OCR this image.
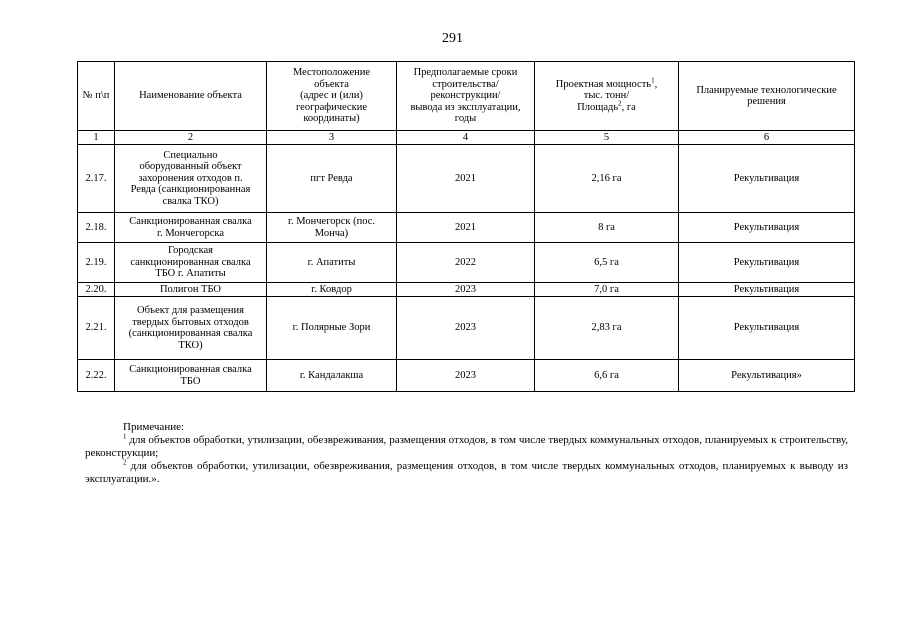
291
№ п\п	Наименование объекта	Местоположение
объекта
(адрес и (или)
географические
координаты)	Предполагаемые сроки
строительства/
реконструкции/
вывода из эксплуатации,
годы	Проектная мощность$^1$,
тыс. тонн/
Площадь$^2$, га	Планируемые технологические
решения
1	2	3	4	5	6
2.17.	Специально
оборудованный объект
захоронения отходов п.
Ревда (санкционированная
свалка ТКО)	пгт Ревда	2021	2,16 га	Рекультивация
2.18.	Санкционированная свалка
г. Мончегорска	г. Мончегорск (пос.
Монча)	2021	8 га	Рекультивация
2.19.	Городская
санкционированная свалка
ТБО г. Апатиты	г. Апатиты	2022	6,5 га	Рекультивация
2.20.	Полигон ТБО	г. Ковдор	2023	7,0 га	Рекультивация
2.21.	Объект для размещения
твердых бытовых отходов
(санкционированная свалка
ТКО)	г. Полярные Зори	2023	2,83 га	Рекультивация
2.22.	Санкционированная свалка
ТБО	г. Кандалакша	2023	6,6 га	Рекультивация»

Примечание:

$^1$ для объектов обработки, утилизации, обезвреживания, размещения отходов, в том числе твердых коммунальных отходов, планируемых к строительству, реконструкции;

$^2$ для объектов обработки, утилизации, обезвреживания, размещения отходов, в том числе твердых коммунальных отходов, планируемых к выводу из эксплуатации.».
